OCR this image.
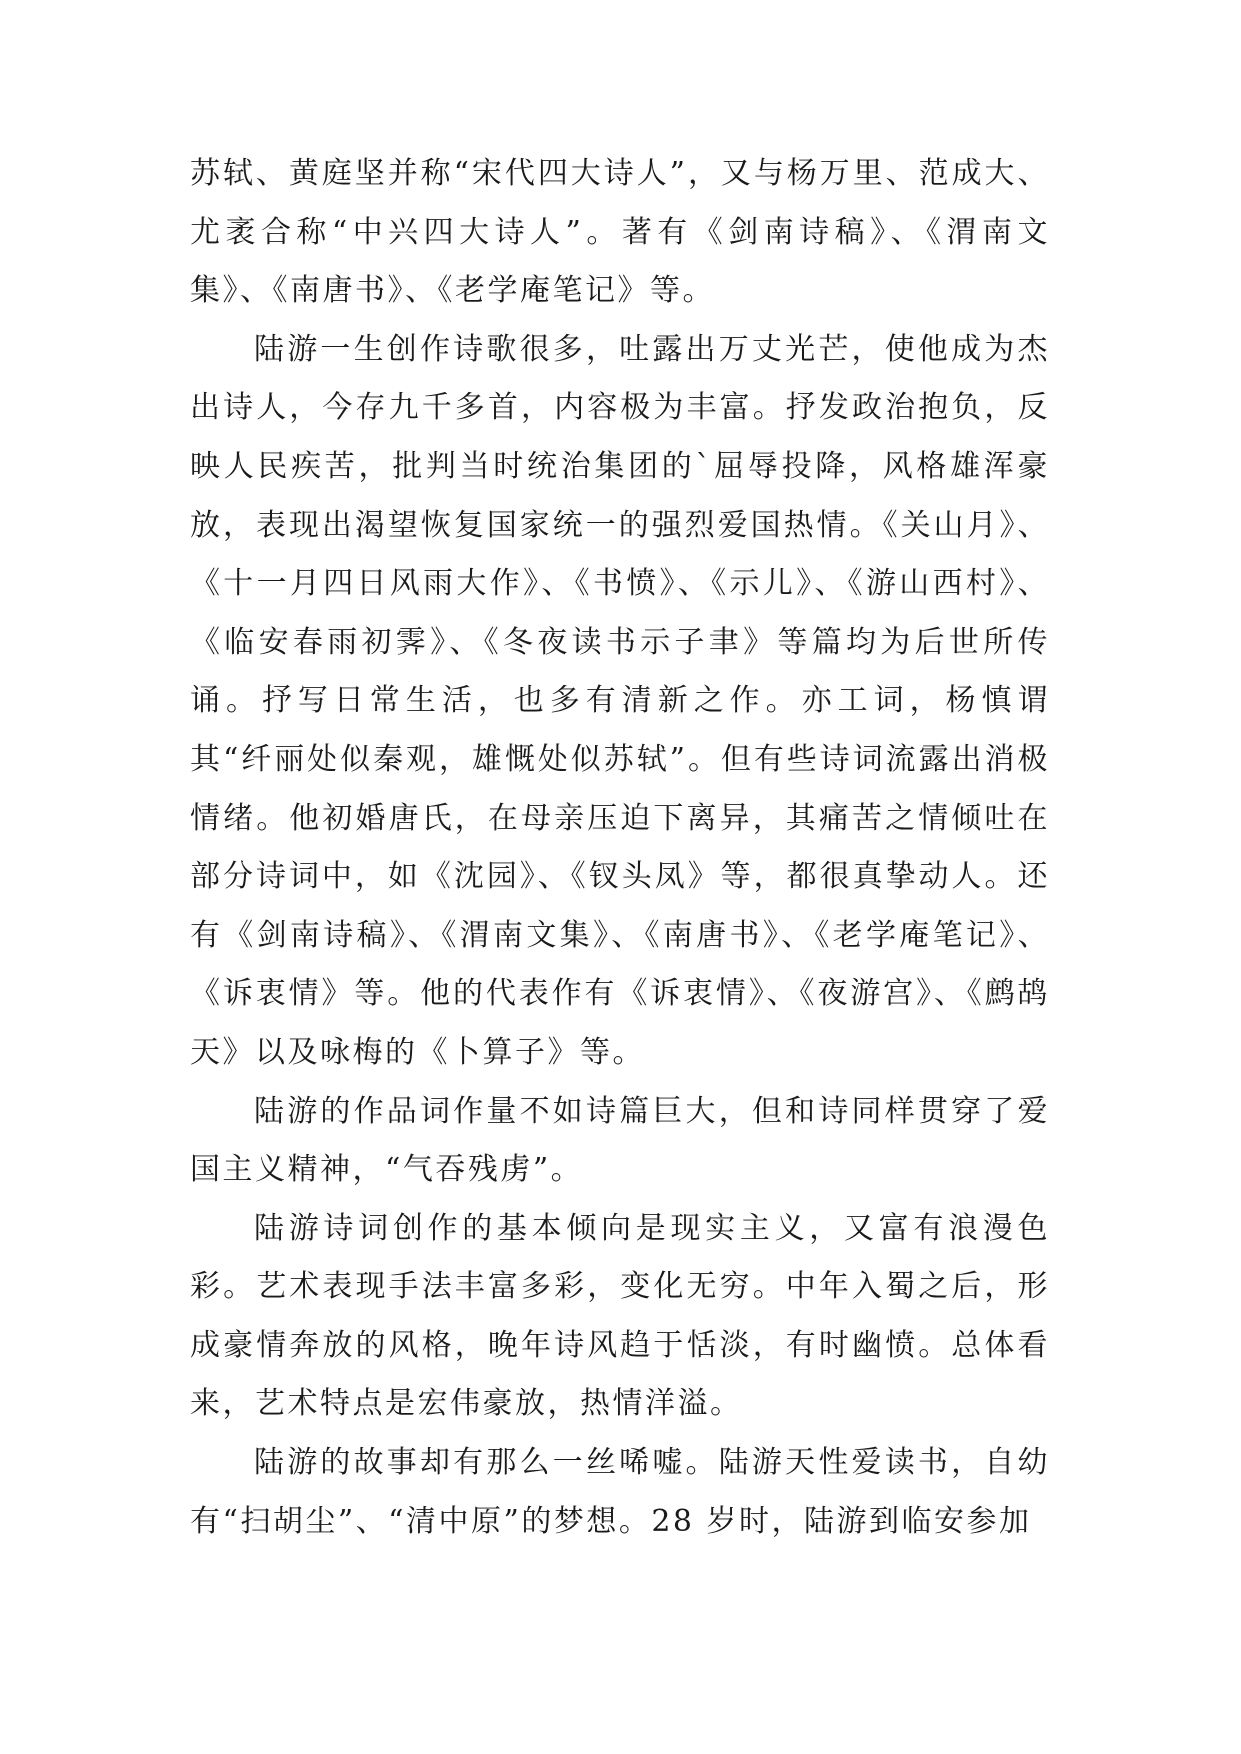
苏轼、黄庭坚并称“宋代四大诗人”，又与杨万里、范成大、尤袤合称“中兴四大诗人”。著有《剑南诗稿》、《渭南文集》、《南唐书》、《老学庵笔记》等。

陆游一生创作诗歌很多，吐露出万丈光芒，使他成为杰出诗人，今存九千多首，内容极为丰富。抒发政治抱负，反映人民疾苦，批判当时统治集团的`屈辱投降，风格雄浑豪放，表现出渴望恢复国家统一的强烈爱国热情。《关山月》、《十一月四日风雨大作》、《书愤》、《示儿》、《游山西村》、《临安春雨初霁》、《冬夜读书示子聿》等篇均为后世所传诵。抒写日常生活，也多有清新之作。亦工词，杨慎谓其“纤丽处似秦观，雄慨处似苏轼”。但有些诗词流露出消极情绪。他初婚唐氏，在母亲压迫下离异，其痛苦之情倾吐在部分诗词中，如《沈园》、《钗头凤》等，都很真挚动人。还有《剑南诗稿》、《渭南文集》、《南唐书》、《老学庵笔记》、《诉衷情》等。他的代表作有《诉衷情》、《夜游宫》、《鹧鸪天》以及咏梅的《卜算子》等。

陆游的作品词作量不如诗篇巨大，但和诗同样贯穿了爱国主义精神，“气吞残虏”。

陆游诗词创作的基本倾向是现实主义，又富有浪漫色彩。艺术表现手法丰富多彩，变化无穷。中年入蜀之后，形成豪情奔放的风格，晚年诗风趋于恬淡，有时幽愤。总体看来，艺术特点是宏伟豪放，热情洋溢。

陆游的故事却有那么一丝唏嘘。陆游天性爱读书，自幼有“扫胡尘”、“清中原”的梦想。28 岁时，陆游到临安参加
